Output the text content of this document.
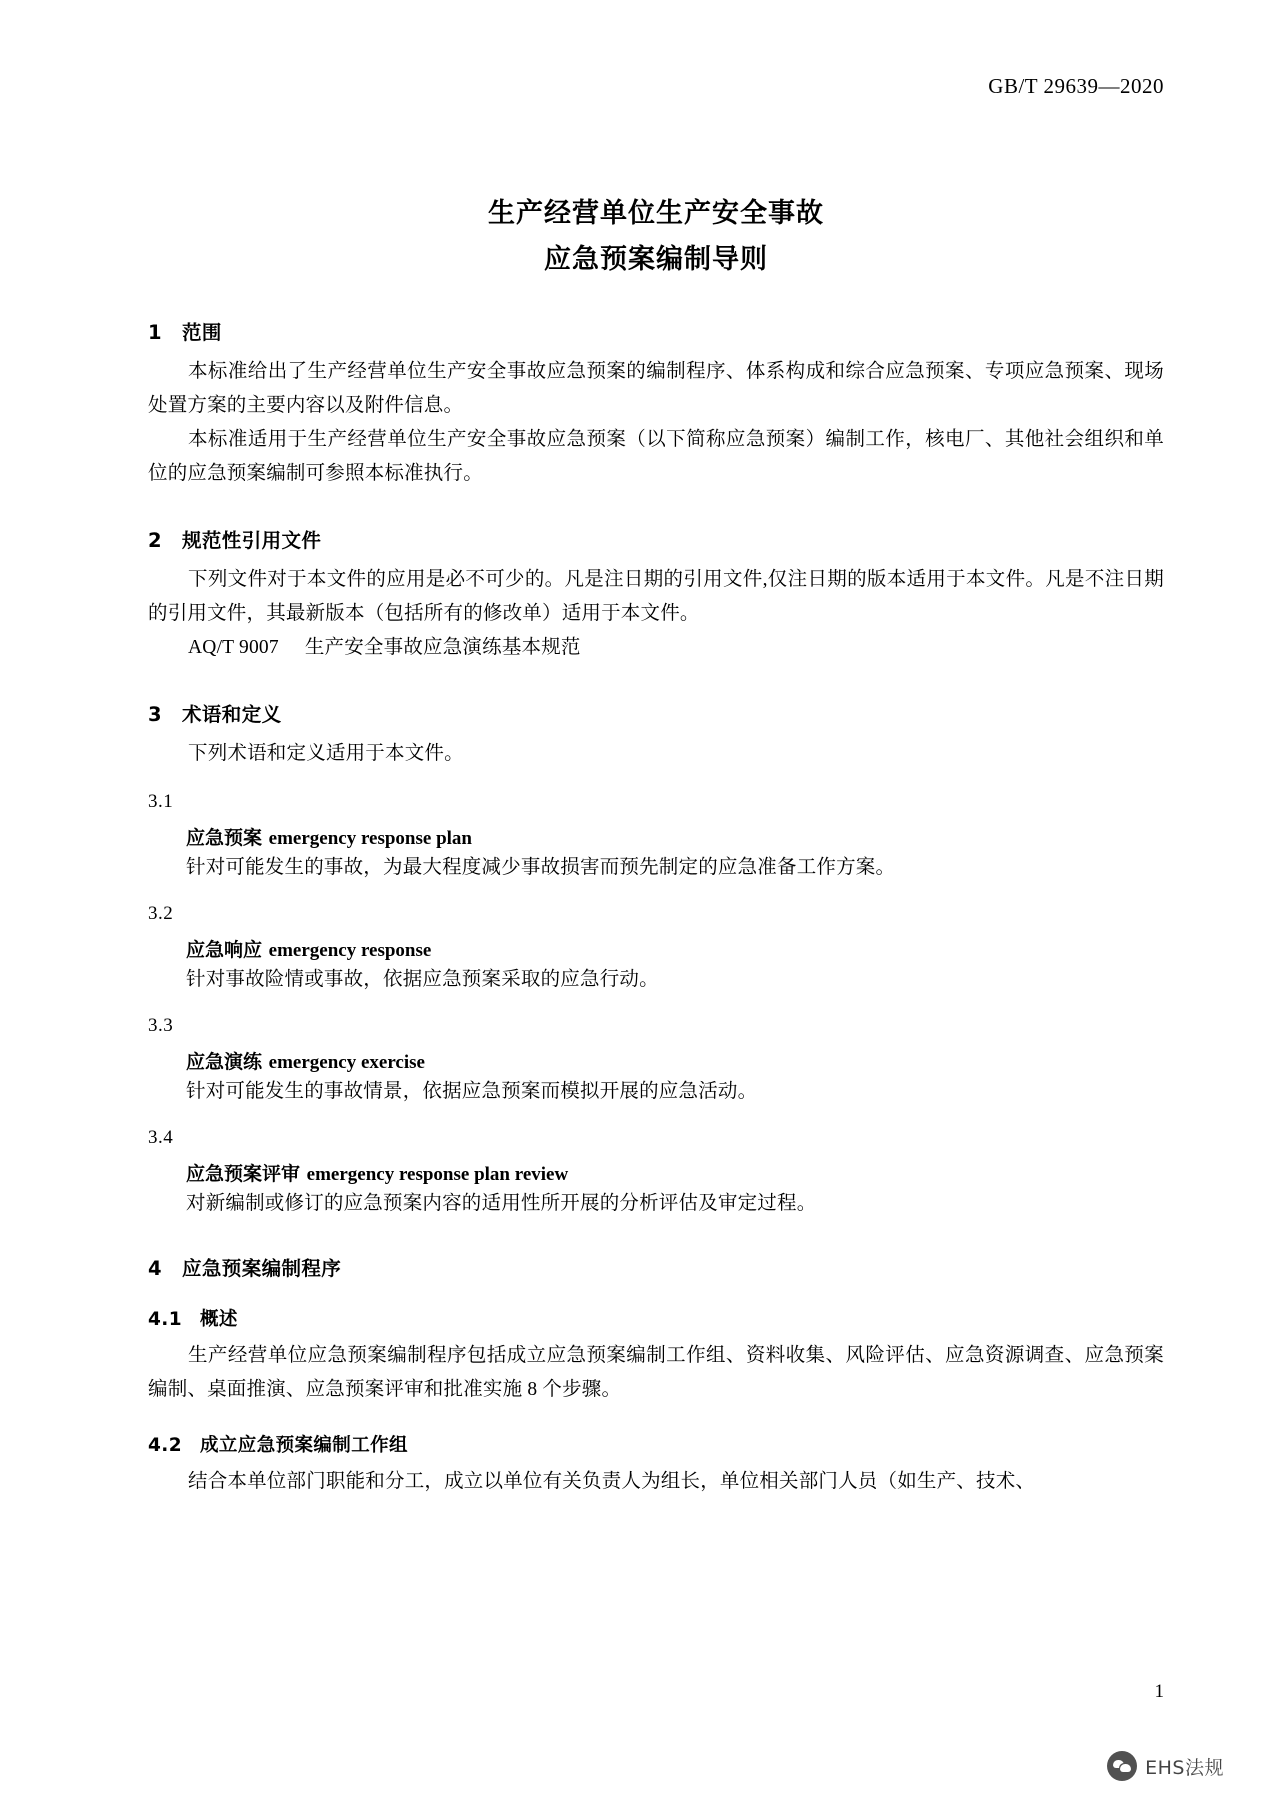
GB/T 29639—2020
生产经营单位生产安全事故
应急预案编制导则
1 范围

本标准给出了生产经营单位生产安全事故应急预案的编制程序、体系构成和综合应急预案、专项应急预案、现场处置方案的主要内容以及附件信息。

本标准适用于生产经营单位生产安全事故应急预案（以下简称应急预案）编制工作，核电厂、其他社会组织和单位的应急预案编制可参照本标准执行。

2 规范性引用文件

下列文件对于本文件的应用是必不可少的。凡是注日期的引用文件,仅注日期的版本适用于本文件。凡是不注日期的引用文件，其最新版本（包括所有的修改单）适用于本文件。

AQ/T 9007 生产安全事故应急演练基本规范
3 术语和定义

下列术语和定义适用于本文件。

3.1
应急预案 emergency response plan
针对可能发生的事故，为最大程度减少事故损害而预先制定的应急准备工作方案。
3.2
应急响应 emergency response
针对事故险情或事故，依据应急预案采取的应急行动。
3.3
应急演练 emergency exercise
针对可能发生的事故情景，依据应急预案而模拟开展的应急活动。
3.4
应急预案评审 emergency response plan review
对新编制或修订的应急预案内容的适用性所开展的分析评估及审定过程。
4 应急预案编制程序
4.1 概述

生产经营单位应急预案编制程序包括成立应急预案编制工作组、资料收集、风险评估、应急资源调查、应急预案编制、桌面推演、应急预案评审和批准实施 8 个步骤。

4.2 成立应急预案编制工作组

结合本单位部门职能和分工，成立以单位有关负责人为组长，单位相关部门人员（如生产、技术、

1
EHS法规
